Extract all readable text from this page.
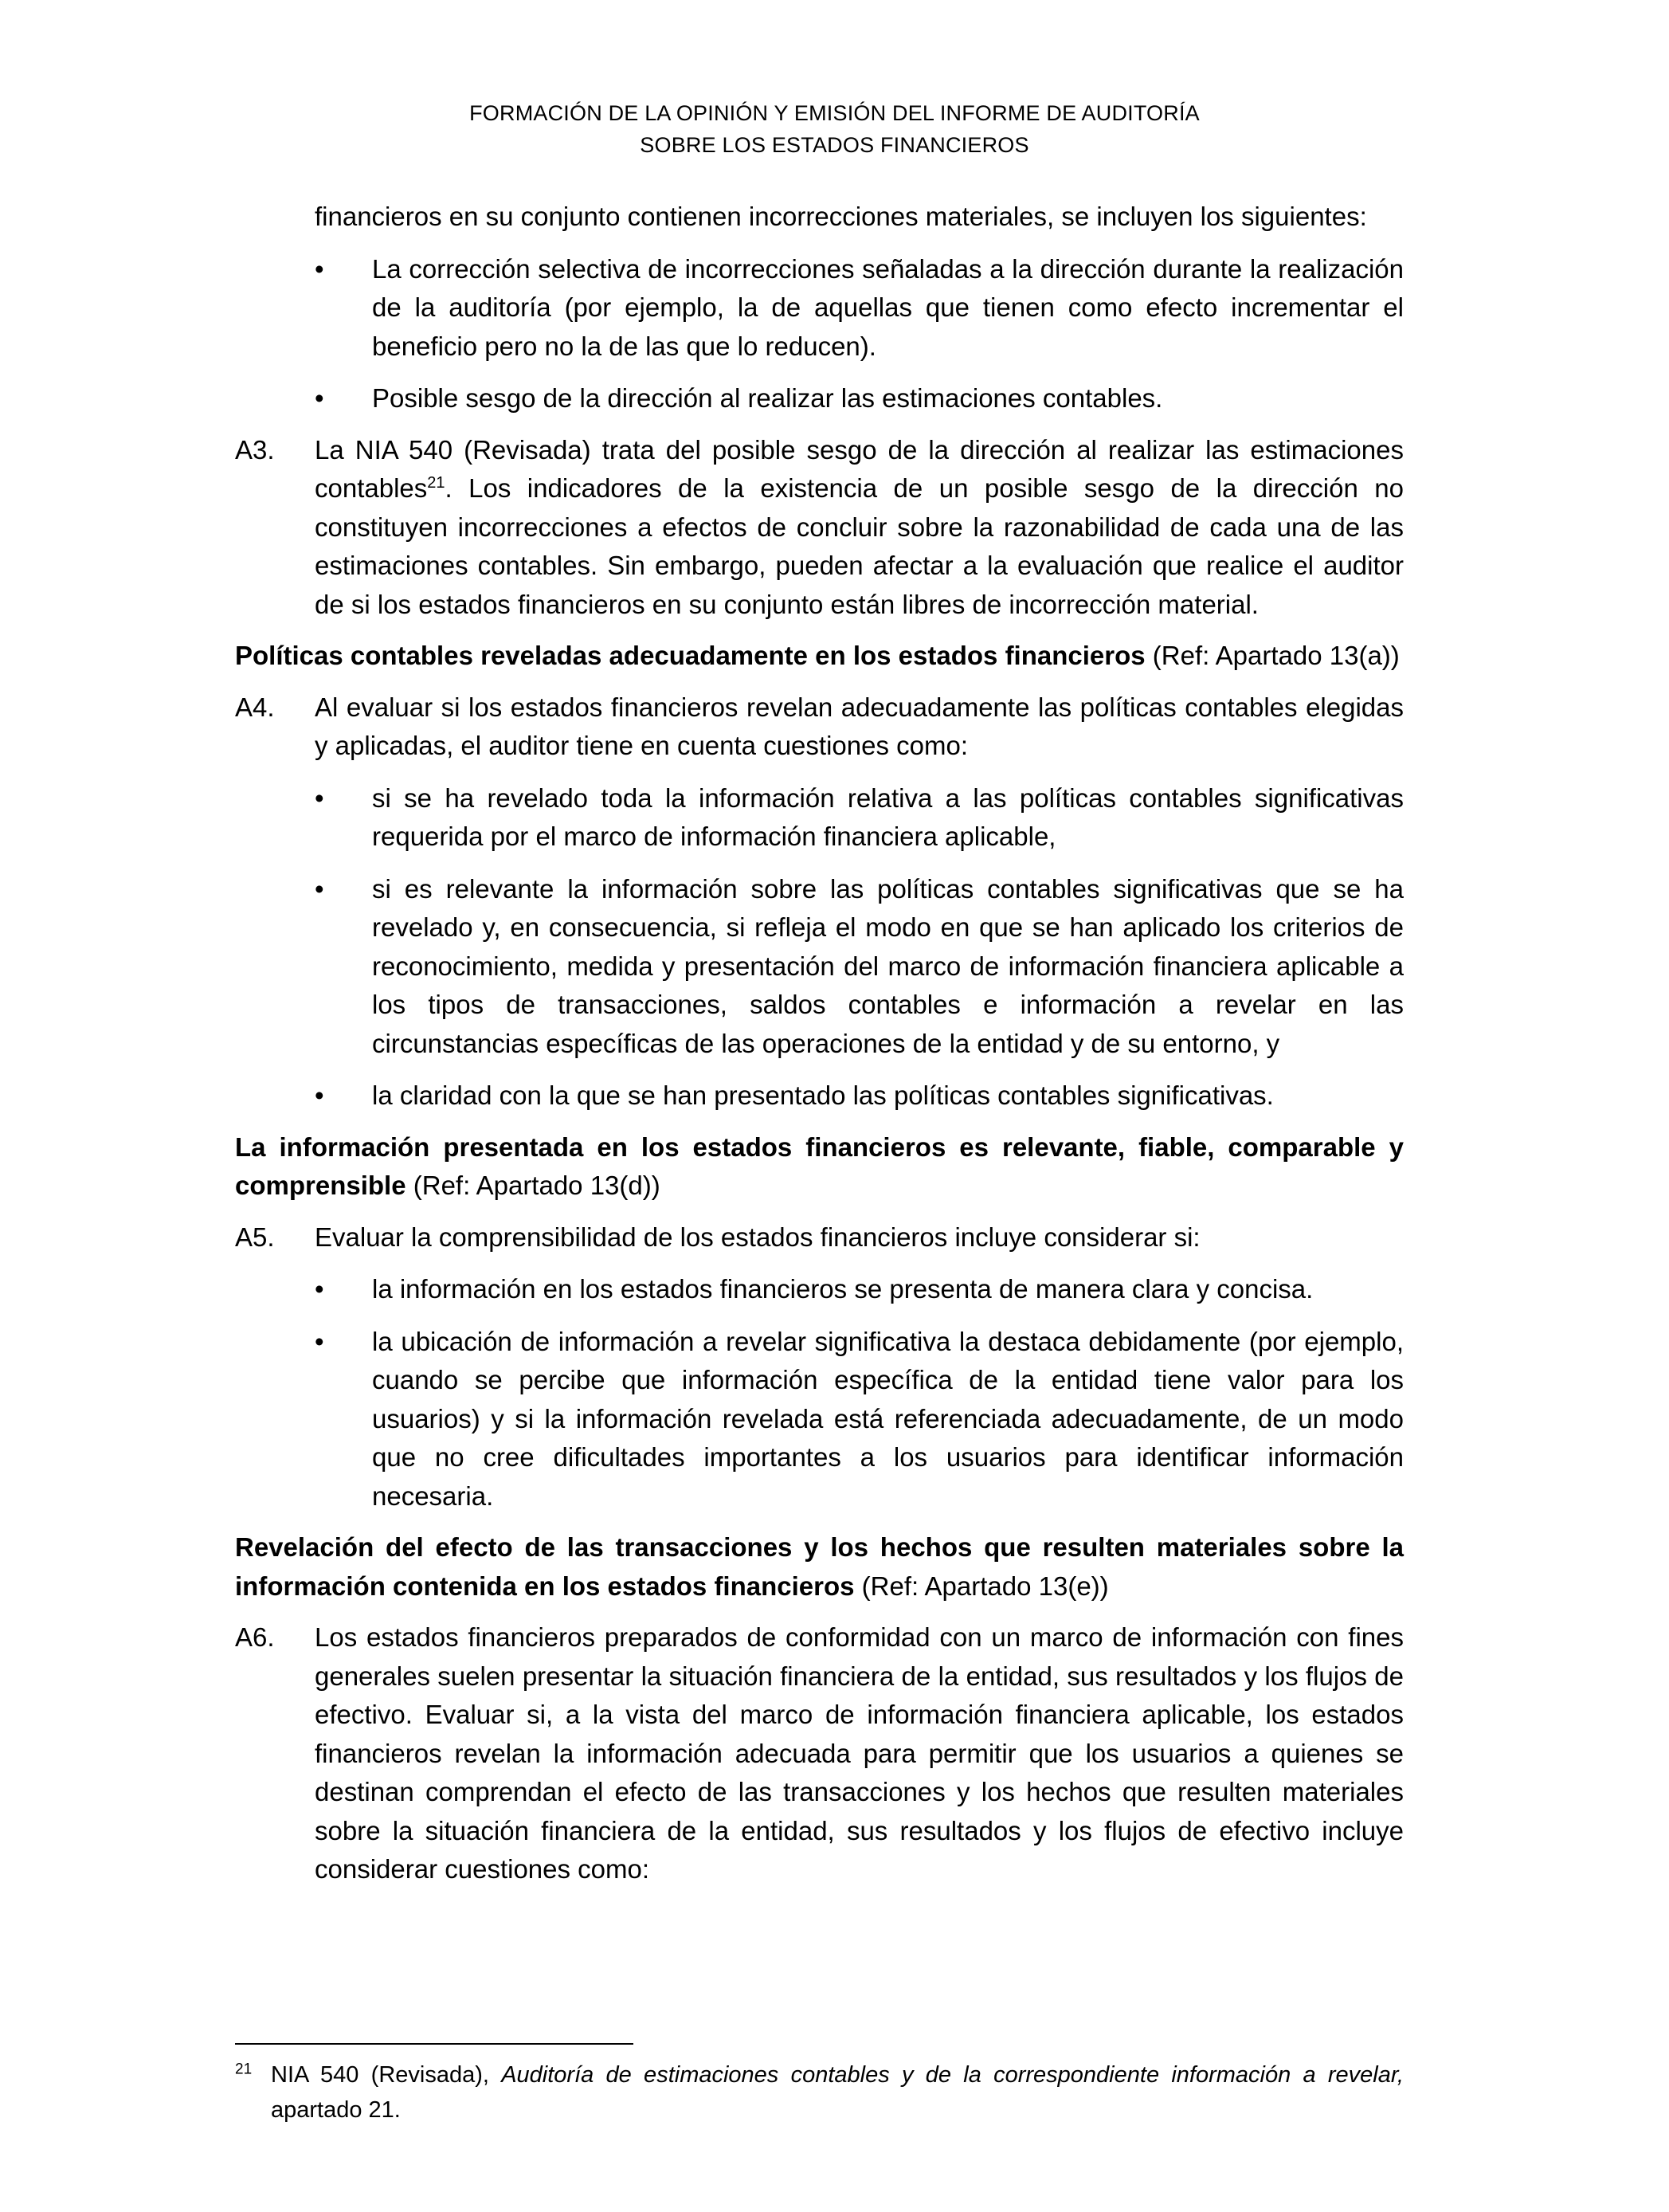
FORMACIÓN DE LA OPINIÓN Y EMISIÓN DEL INFORME DE AUDITORÍA
SOBRE LOS ESTADOS FINANCIEROS

financieros en su conjunto contienen incorrecciones materiales, se incluyen los siguientes:

•	La corrección selectiva de incorrecciones señaladas a la dirección durante la realización de la auditoría (por ejemplo, la de aquellas que tienen como efecto incrementar el beneficio pero no la de las que lo reducen).
•	Posible sesgo de la dirección al realizar las estimaciones contables.
A3.	La NIA 540 (Revisada) trata del posible sesgo de la dirección al realizar las estimaciones contables$^{21}$. Los indicadores de la existencia de un posible sesgo de la dirección no constituyen incorrecciones a efectos de concluir sobre la razonabilidad de cada una de las estimaciones contables. Sin embargo, pueden afectar a la evaluación que realice el auditor de si los estados financieros en su conjunto están libres de incorrección material.

Políticas contables reveladas adecuadamente en los estados financieros (Ref: Apartado 13(a))

A4.	Al evaluar si los estados financieros revelan adecuadamente las políticas contables elegidas y aplicadas, el auditor tiene en cuenta cuestiones como:
•	si se ha revelado toda la información relativa a las políticas contables significativas requerida por el marco de información financiera aplicable,
•	si es relevante la información sobre las políticas contables significativas que se ha revelado y, en consecuencia, si refleja el modo en que se han aplicado los criterios de reconocimiento, medida y presentación del marco de información financiera aplicable a los tipos de transacciones, saldos contables e información a revelar en las circunstancias específicas de las operaciones de la entidad y de su entorno, y
•	la claridad con la que se han presentado las políticas contables significativas.

La información presentada en los estados financieros es relevante, fiable, comparable y comprensible (Ref: Apartado 13(d))

A5.	Evaluar la comprensibilidad de los estados financieros incluye considerar si:
•	la información en los estados financieros se presenta de manera clara y concisa.
•	la ubicación de información a revelar significativa la destaca debidamente (por ejemplo, cuando se percibe que información específica de la entidad tiene valor para los usuarios) y si la información revelada está referenciada adecuadamente, de un modo que no cree dificultades importantes a los usuarios para identificar información necesaria.

Revelación del efecto de las transacciones y los hechos que resulten materiales sobre la información contenida en los estados financieros (Ref: Apartado 13(e))

A6.	Los estados financieros preparados de conformidad con un marco de información con fines generales suelen presentar la situación financiera de la entidad, sus resultados y los flujos de efectivo. Evaluar si, a la vista del marco de información financiera aplicable, los estados financieros revelan la información adecuada para permitir que los usuarios a quienes se destinan comprendan el efecto de las transacciones y los hechos que resulten materiales sobre la situación financiera de la entidad, sus resultados y los flujos de efectivo incluye considerar cuestiones como:
$^{21}$ NIA 540 (Revisada), Auditoría de estimaciones contables y de la correspondiente información a revelar, apartado 21.
